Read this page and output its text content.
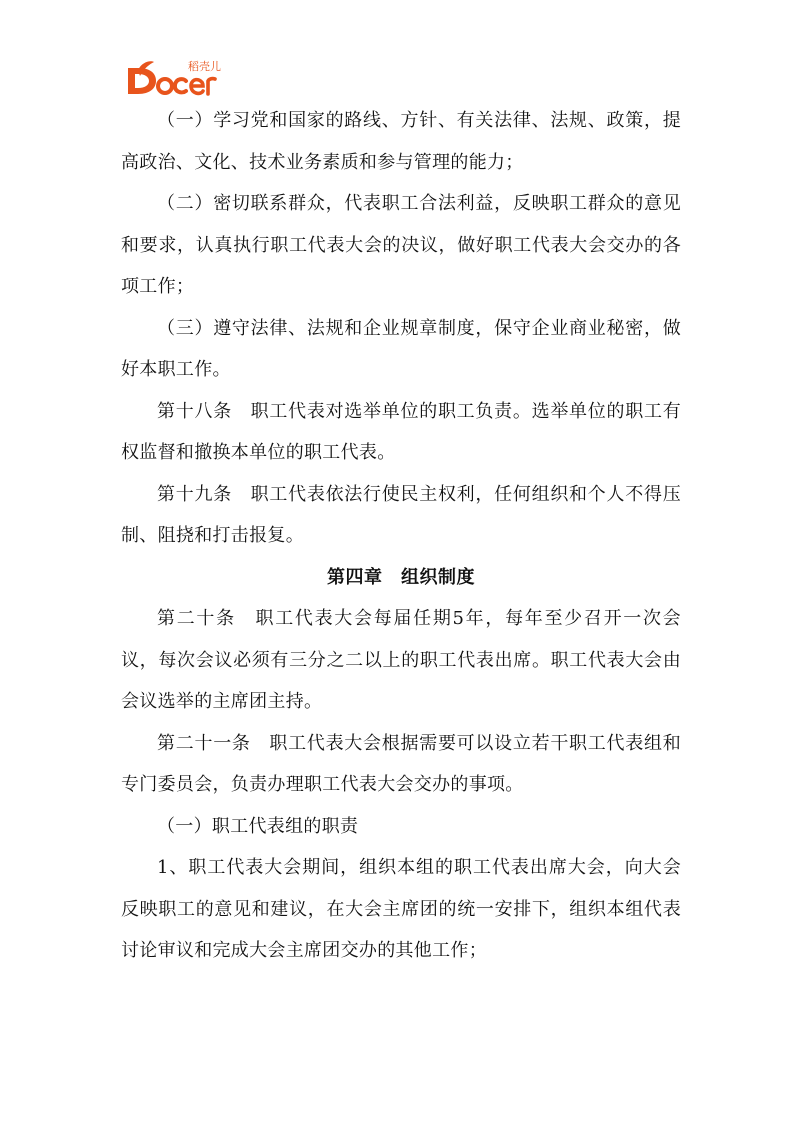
稻壳儿

（一）学习党和国家的路线、方针、有关法律、法规、政策，提高政治、文化、技术业务素质和参与管理的能力；

（二）密切联系群众，代表职工合法利益，反映职工群众的意见和要求，认真执行职工代表大会的决议，做好职工代表大会交办的各项工作；

（三）遵守法律、法规和企业规章制度，保守企业商业秘密，做好本职工作。

第十八条　职工代表对选举单位的职工负责。选举单位的职工有权监督和撤换本单位的职工代表。

第十九条　职工代表依法行使民主权利，任何组织和个人不得压制、阻挠和打击报复。

第四章　组织制度

第二十条　职工代表大会每届任期5年，每年至少召开一次会议，每次会议必须有三分之二以上的职工代表出席。职工代表大会由会议选举的主席团主持。

第二十一条　职工代表大会根据需要可以设立若干职工代表组和专门委员会，负责办理职工代表大会交办的事项。

（一）职工代表组的职责

1、职工代表大会期间，组织本组的职工代表出席大会，向大会反映职工的意见和建议，在大会主席团的统一安排下，组织本组代表讨论审议和完成大会主席团交办的其他工作；
